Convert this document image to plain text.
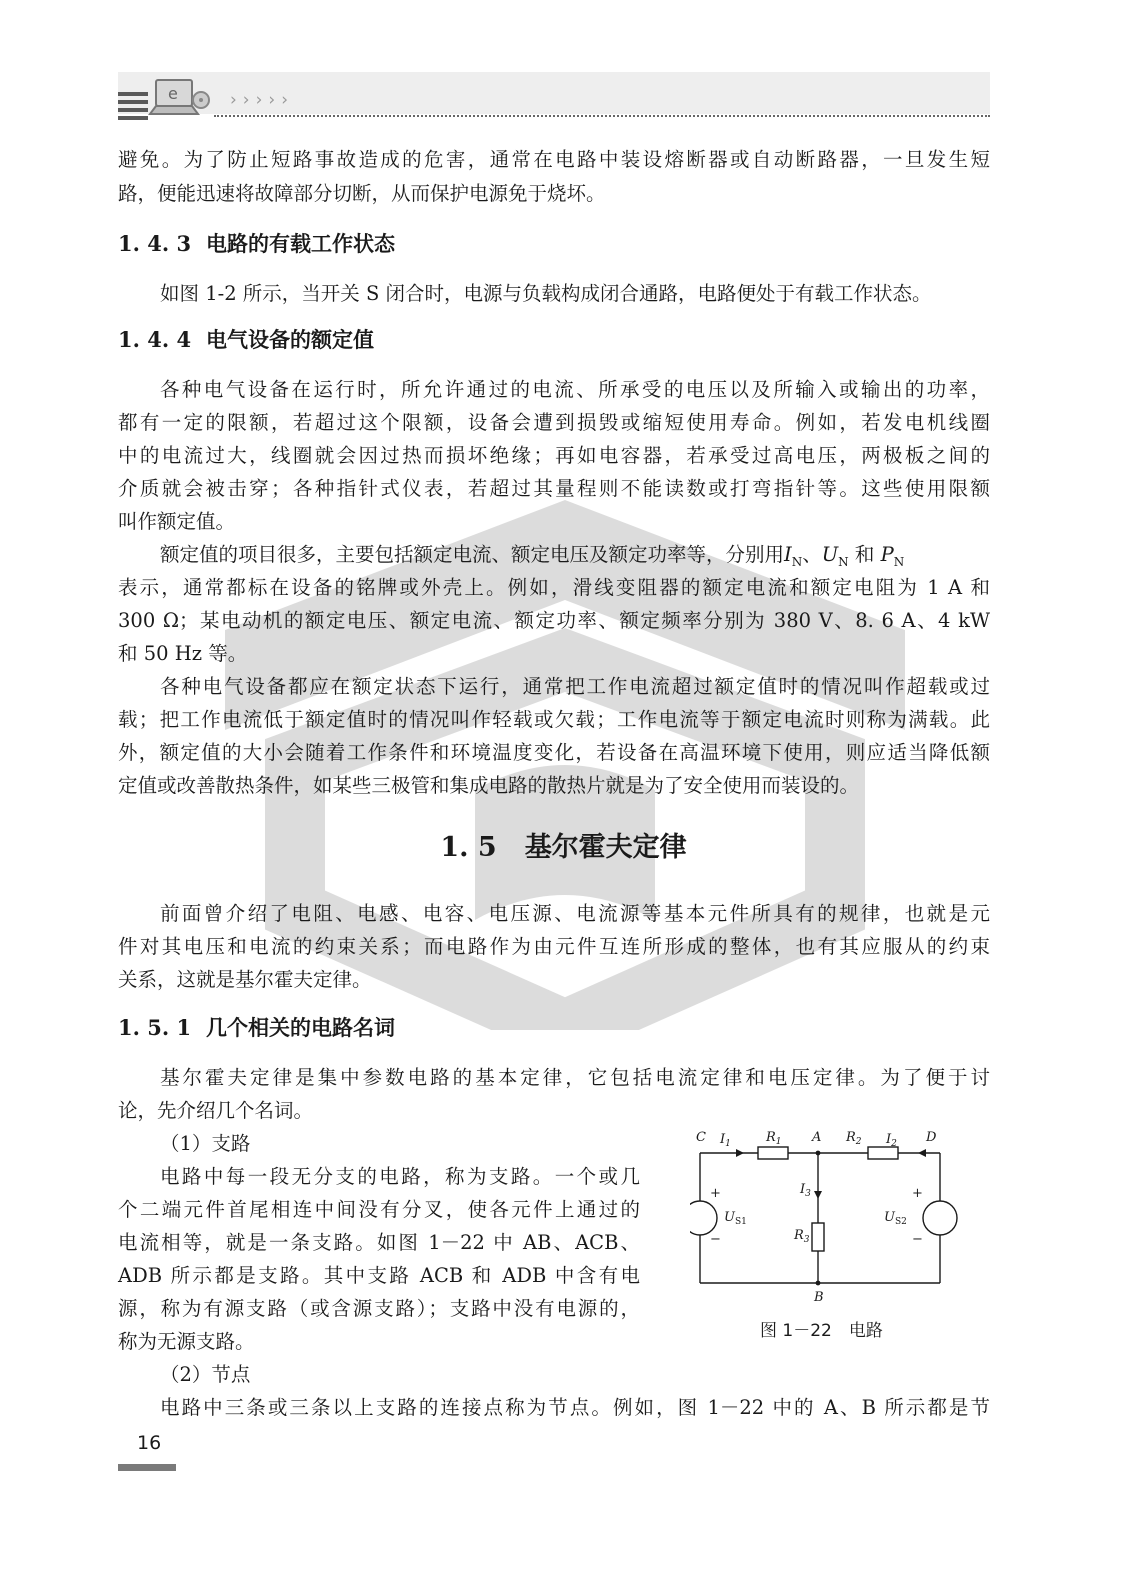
e	›››››
避免。为了防止短路事故造成的危害，通常在电路中装设熔断器或自动断路器，一旦发生短
路，便能迅速将故障部分切断，从而保护电源免于烧坏。
1. 4. 3 电路的有载工作状态
如图 1-2 所示，当开关 S 闭合时，电源与负载构成闭合通路，电路便处于有载工作状态。
1. 4. 4 电气设备的额定值
各种电气设备在运行时，所允许通过的电流、所承受的电压以及所输入或输出的功率，
都有一定的限额，若超过这个限额，设备会遭到损毁或缩短使用寿命。例如，若发电机线圈
中的电流过大，线圈就会因过热而损坏绝缘；再如电容器，若承受过高电压，两极板之间的
介质就会被击穿；各种指针式仪表，若超过其量程则不能读数或打弯指针等。这些使用限额
叫作额定值。
额定值的项目很多，主要包括额定电流、额定电压及额定功率等，分别用$I_N$、$U_N$ 和 $P_N$
表示，通常都标在设备的铭牌或外壳上。例如，滑线变阻器的额定电流和额定电阻为 1 A 和
300 Ω；某电动机的额定电压、额定电流、额定功率、额定频率分别为 380 V、8. 6 A、4 kW
和 50 Hz 等。
各种电气设备都应在额定状态下运行，通常把工作电流超过额定值时的情况叫作超载或过
载；把工作电流低于额定值时的情况叫作轻载或欠载；工作电流等于额定电流时则称为满载。此
外，额定值的大小会随着工作条件和环境温度变化，若设备在高温环境下使用，则应适当降低额
定值或改善散热条件，如某些三极管和集成电路的散热片就是为了安全使用而装设的。
1. 5 基尔霍夫定律
前面曾介绍了电阻、电感、电容、电压源、电流源等基本元件所具有的规律，也就是元
件对其电压和电流的约束关系；而电路作为由元件互连所形成的整体，也有其应服从的约束
关系，这就是基尔霍夫定律。
1. 5. 1 几个相关的电路名词
基尔霍夫定律是集中参数电路的基本定律，它包括电流定律和电压定律。为了便于讨
论，先介绍几个名词。
（1）支路
电路中每一段无分支的电路，称为支路。一个或几
个二端元件首尾相连中间没有分叉，使各元件上通过的
电流相等，就是一条支路。如图 1－22 中 AB、ACB、
ADB 所示都是支路。其中支路 ACB 和 ADB 中含有电
源，称为有源支路（或含源支路）；支路中没有电源的，
称为无源支路。
（2）节点
电路中三条或三条以上支路的连接点称为节点。例如，图 1－22 中的 A、B 所示都是节
C $I_1$	$R_1$ A $R_2$ $I_2$ D
$I_3$
$R_3$
B
+
−
$U_{S1}$
+
−
$U_{S2}$
图 1－22　电路
16
